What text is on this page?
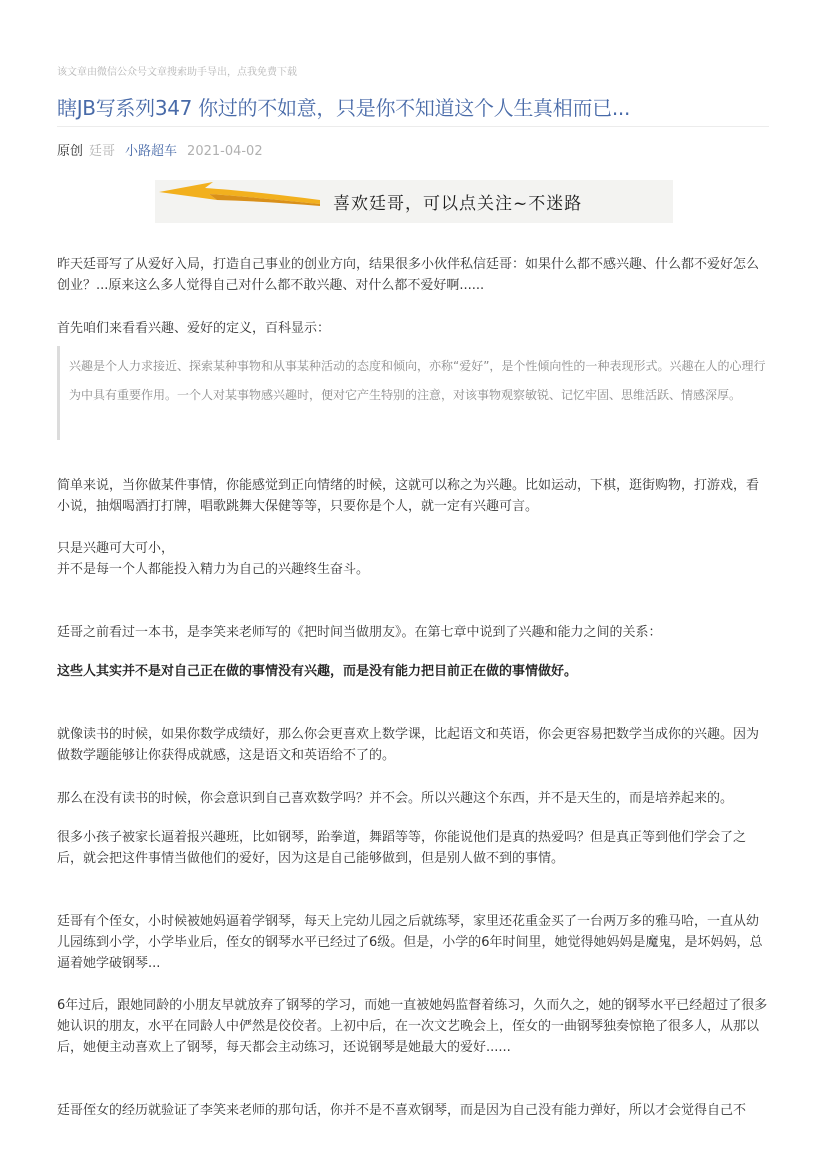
该文章由微信公众号文章搜索助手导出，点我免费下载
瞎JB写系列347 你过的不如意，只是你不知道这个人生真相而已...
原创 廷哥 小路超车 2021-04-02
喜欢廷哥，可以点关注~不迷路
昨天廷哥写了从爱好入局，打造自己事业的创业方向，结果很多小伙伴私信廷哥：如果什么都不感兴趣、什么都不爱好怎么创业？...原来这么多人觉得自己对什么都不敢兴趣、对什么都不爱好啊......
首先咱们来看看兴趣、爱好的定义，百科显示：
兴趣是个人力求接近、探索某种事物和从事某种活动的态度和倾向，亦称“爱好”，是个性倾向性的一种表现形式。兴趣在人的心理行为中具有重要作用。一个人对某事物感兴趣时，便对它产生特别的注意，对该事物观察敏锐、记忆牢固、思维活跃、情感深厚。
简单来说，当你做某件事情，你能感觉到正向情绪的时候，这就可以称之为兴趣。比如运动，下棋，逛街购物，打游戏，看小说，抽烟喝酒打打牌，唱歌跳舞大保健等等，只要你是个人，就一定有兴趣可言。
只是兴趣可大可小，
并不是每一个人都能投入精力为自己的兴趣终生奋斗。
廷哥之前看过一本书，是李笑来老师写的《把时间当做朋友》。在第七章中说到了兴趣和能力之间的关系：
这些人其实并不是对自己正在做的事情没有兴趣，而是没有能力把目前正在做的事情做好。
就像读书的时候，如果你数学成绩好，那么你会更喜欢上数学课，比起语文和英语，你会更容易把数学当成你的兴趣。因为做数学题能够让你获得成就感，这是语文和英语给不了的。
那么在没有读书的时候，你会意识到自己喜欢数学吗？并不会。所以兴趣这个东西，并不是天生的，而是培养起来的。
很多小孩子被家长逼着报兴趣班，比如钢琴，跆拳道，舞蹈等等，你能说他们是真的热爱吗？但是真正等到他们学会了之后，就会把这件事情当做他们的爱好，因为这是自己能够做到，但是别人做不到的事情。
廷哥有个侄女，小时候被她妈逼着学钢琴，每天上完幼儿园之后就练琴，家里还花重金买了一台两万多的雅马哈，一直从幼儿园练到小学，小学毕业后，侄女的钢琴水平已经过了6级。但是，小学的6年时间里，她觉得她妈妈是魔鬼，是坏妈妈，总逼着她学破钢琴...
6年过后，跟她同龄的小朋友早就放弃了钢琴的学习，而她一直被她妈监督着练习，久而久之，她的钢琴水平已经超过了很多她认识的朋友，水平在同龄人中俨然是佼佼者。上初中后，在一次文艺晚会上，侄女的一曲钢琴独奏惊艳了很多人，从那以后，她便主动喜欢上了钢琴，每天都会主动练习，还说钢琴是她最大的爱好......
廷哥侄女的经历就验证了李笑来老师的那句话，你并不是不喜欢钢琴，而是因为自己没有能力弹好，所以才会觉得自己不
